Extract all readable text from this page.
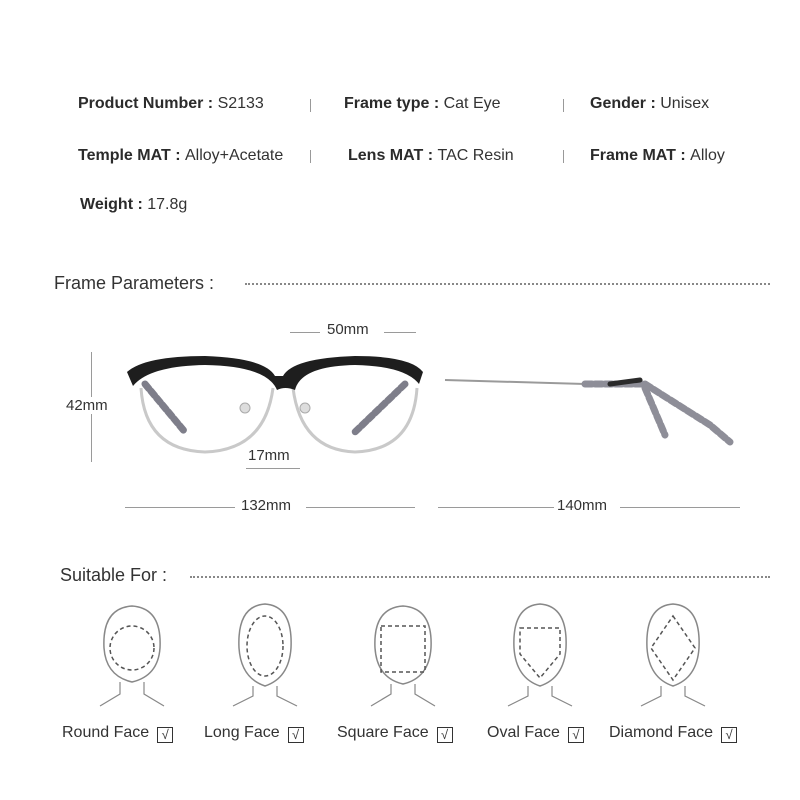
Product Number : S2133	Frame type : Cat Eye	Gender : Unisex
Temple MAT : Alloy+Acetate	Lens MAT : TAC Resin	Frame MAT : Alloy
Weight : 17.8g
Frame Parameters :
50mm
42mm
17mm
132mm	140mm
Suitable For :
Round Face √ Long Face √ Square Face √ Oval Face √ Diamond Face √
